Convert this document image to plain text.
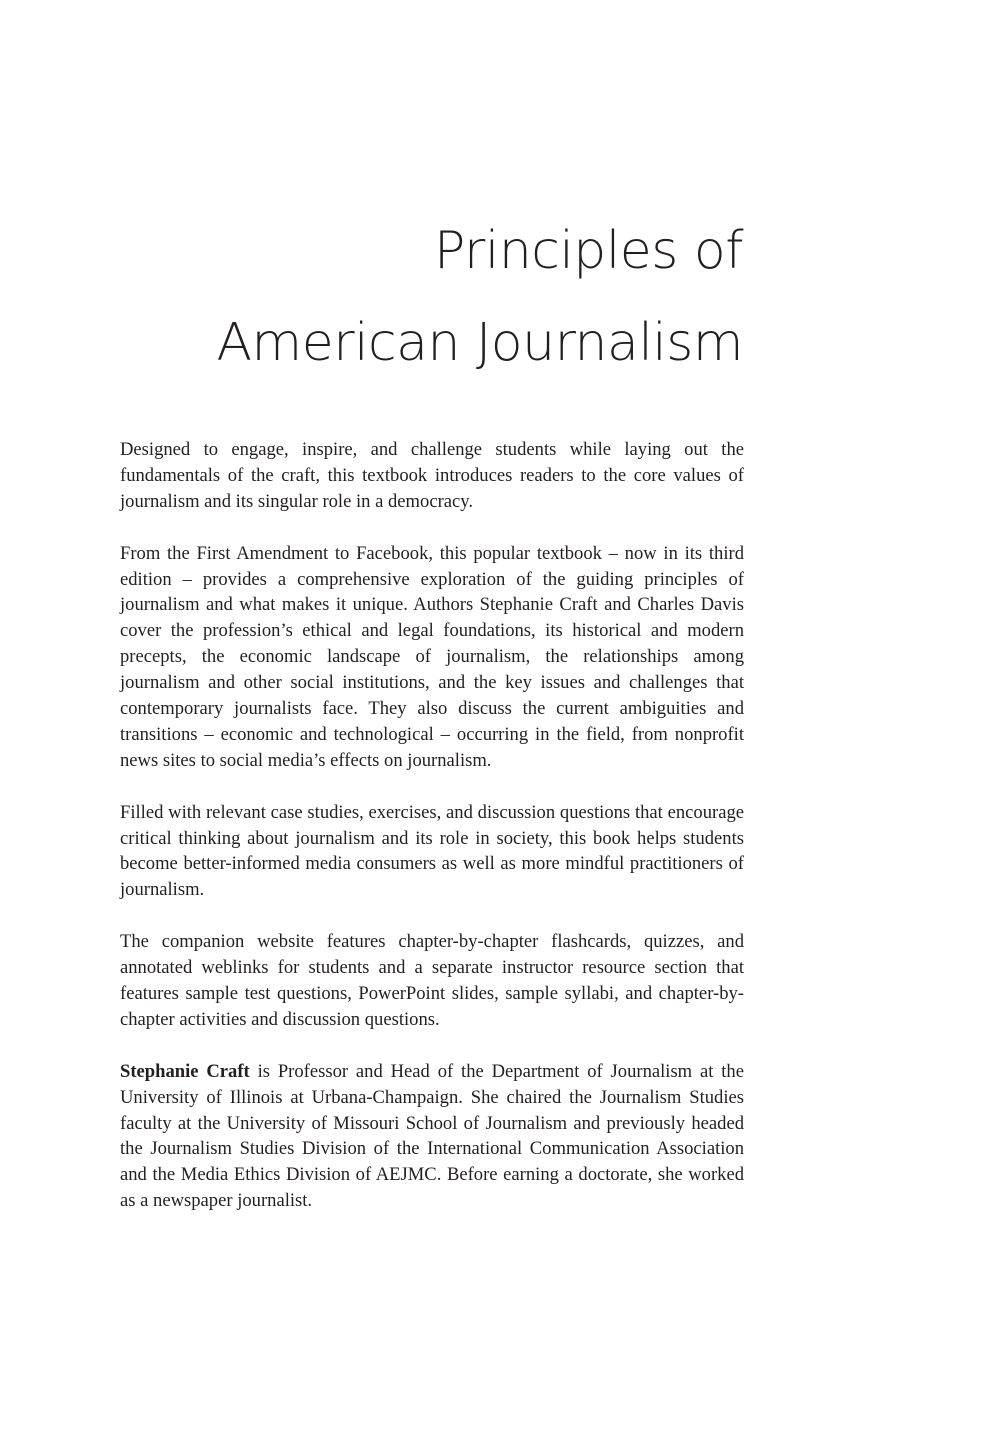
Principles of
American Journalism

Designed to engage, inspire, and challenge students while laying out the fundamentals of the craft, this textbook introduces readers to the core values of journalism and its singular role in a democracy.

From the First Amendment to Facebook, this popular textbook – now in its third edition – provides a comprehensive exploration of the guiding principles of journalism and what makes it unique. Authors Stephanie Craft and Charles Davis cover the profession’s ethical and legal foundations, its historical and modern precepts, the economic landscape of journalism, the relationships among journalism and other social institutions, and the key issues and challenges that contemporary journalists face. They also discuss the current ambiguities and transitions – economic and technological – occurring in the field, from nonprofit news sites to social media’s effects on journalism.

Filled with relevant case studies, exercises, and discussion questions that encourage critical thinking about journalism and its role in society, this book helps students become better-informed media consumers as well as more mindful practitioners of journalism.

The companion website features chapter-by-chapter flashcards, quizzes, and annotated weblinks for students and a separate instructor resource section that features sample test questions, PowerPoint slides, sample syllabi, and chapter-by-chapter activities and discussion questions.

Stephanie Craft is Professor and Head of the Department of Journalism at the University of Illinois at Urbana-Champaign. She chaired the Journalism Studies faculty at the University of Missouri School of Journalism and previously headed the Journalism Studies Division of the International Communication Association and the Media Ethics Division of AEJMC. Before earning a doctorate, she worked as a newspaper journalist.
